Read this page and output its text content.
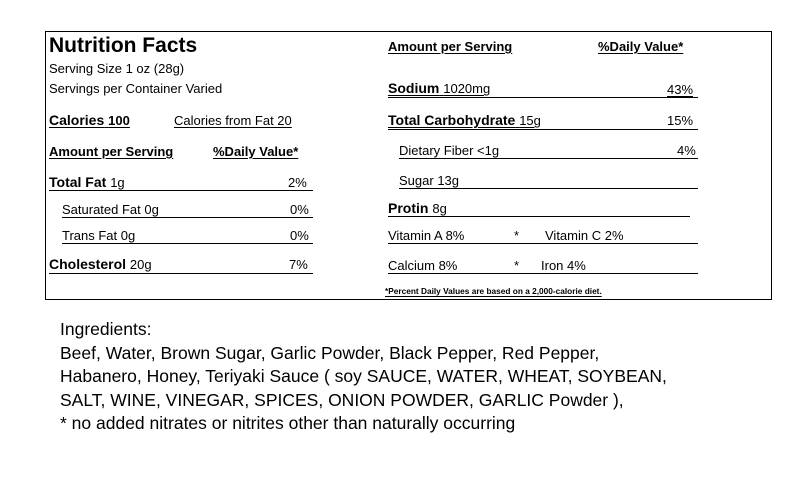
Nutrition Facts
Serving Size 1 oz (28g)
Servings per Container Varied
Calories 100	Calories from Fat 20
Amount per Serving	%Daily Value*
Total Fat 1g	2%
Saturated Fat 0g	0%
Trans Fat 0g	0%
Cholesterol 20g	7%
Amount per Serving	%Daily Value*
Sodium 1020mg	43%
Total Carbohydrate 15g	15%
Dietary Fiber <1g	4%
Sugar 13g
Protin 8g
Vitamin A 8%	* Vitamin C 2%
Calcium 8%	* Iron 4%
*Percent Daily Values are based on a 2,000-calorie diet.
Ingredients:
Beef, Water, Brown Sugar, Garlic Powder, Black Pepper, Red Pepper,
Habanero, Honey, Teriyaki Sauce ( soy SAUCE, WATER, WHEAT, SOYBEAN,
SALT, WINE, VINEGAR, SPICES, ONION POWDER, GARLIC Powder ),
* no added nitrates or nitrites other than naturally occurring
